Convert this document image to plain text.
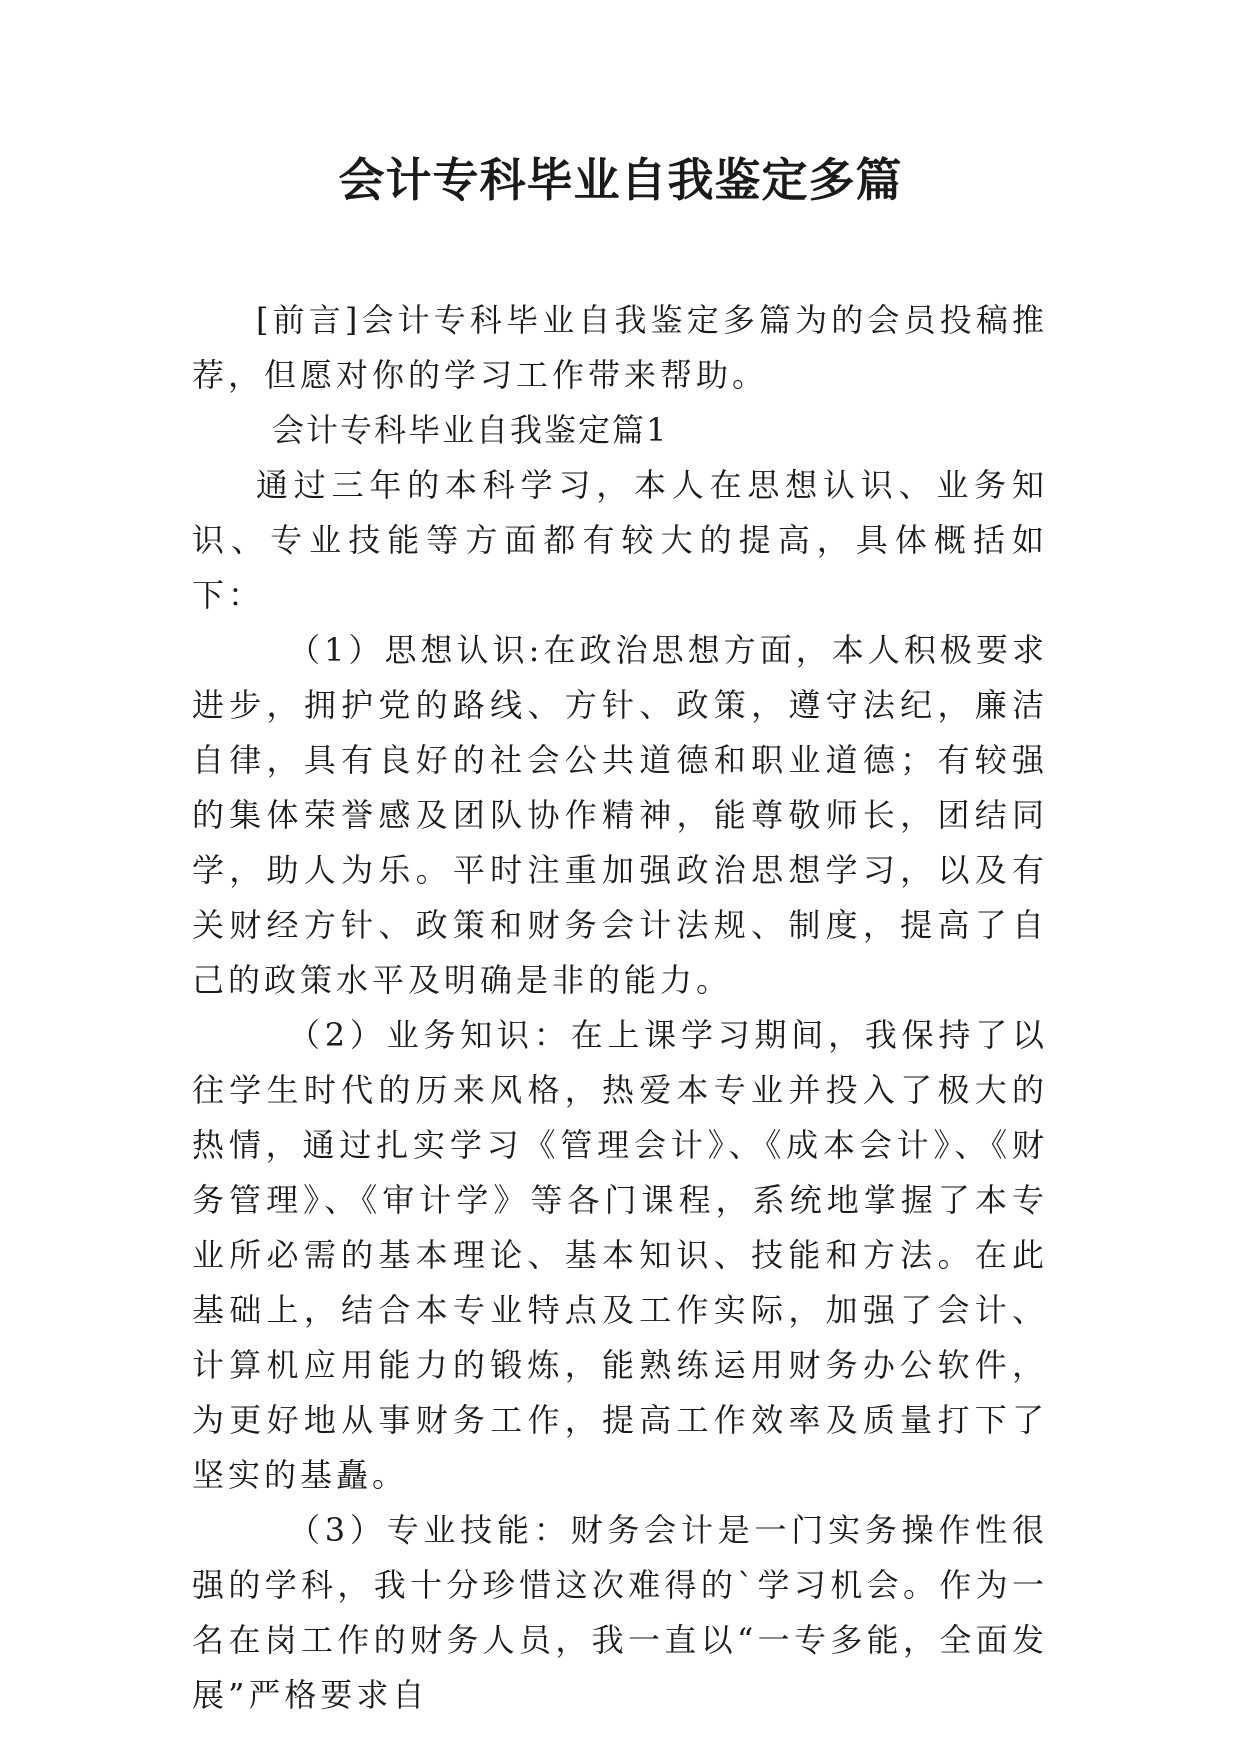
会计专科毕业自我鉴定多篇

[前言]会计专科毕业自我鉴定多篇为的会员投稿推荐，但愿对你的学习工作带来帮助。

会计专科毕业自我鉴定篇1

通过三年的本科学习，本人在思想认识、业务知识、专业技能等方面都有较大的提高，具体概括如下：

（1）思想认识:在政治思想方面，本人积极要求进步，拥护党的路线、方针、政策，遵守法纪，廉洁自律，具有良好的社会公共道德和职业道德；有较强的集体荣誉感及团队协作精神，能尊敬师长，团结同学，助人为乐。平时注重加强政治思想学习，以及有关财经方针、政策和财务会计法规、制度，提高了自己的政策水平及明确是非的能力。

（2）业务知识：在上课学习期间，我保持了以往学生时代的历来风格，热爱本专业并投入了极大的热情，通过扎实学习《管理会计》、《成本会计》、《财务管理》、《审计学》等各门课程，系统地掌握了本专业所必需的基本理论、基本知识、技能和方法。在此基础上，结合本专业特点及工作实际，加强了会计、计算机应用能力的锻炼，能熟练运用财务办公软件，为更好地从事财务工作，提高工作效率及质量打下了坚实的基矗。

（3）专业技能：财务会计是一门实务操作性很强的学科，我十分珍惜这次难得的`学习机会。作为一名在岗工作的财务人员，我一直以“一专多能，全面发展”严格要求自
